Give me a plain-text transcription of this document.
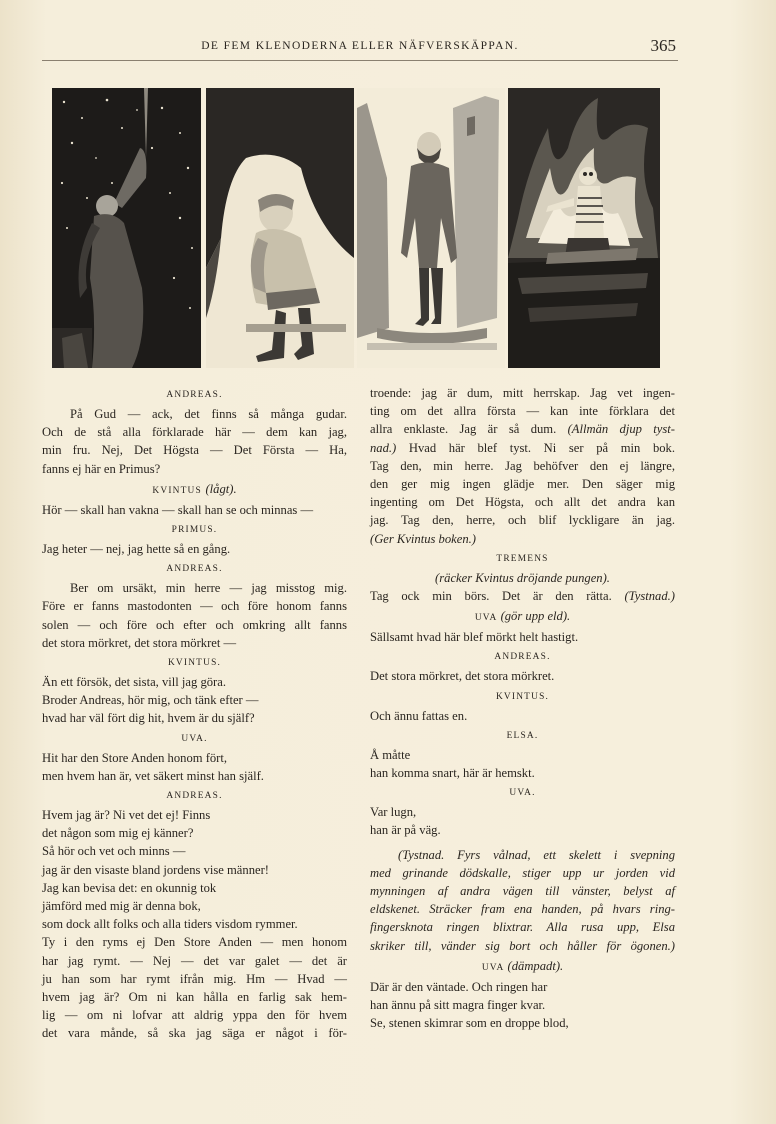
DE FEM KLENODERNA ELLER NÄFVERSKÄPPAN.	365

ANDREAS.

På Gud — ack, det finns så många gudar.

Och de stå alla förklarade här — dem kan jag,

min fru. Nej, Det Högsta — Det Första — Ha,

fanns ej här en Primus?

KVINTUS (lågt).

Hör — skall han vakna — skall han se och minnas —

PRIMUS.

Jag heter — nej, jag hette så en gång.

ANDREAS.

Ber om ursäkt, min herre — jag misstog mig.

Före er fanns mastodonten — och före honom fanns

solen — och före och efter och omkring allt fanns

det stora mörkret, det stora mörkret —

KVINTUS.

Än ett försök, det sista, vill jag göra.

Broder Andreas, hör mig, och tänk efter —

hvad har väl fört dig hit, hvem är du själf?

UVA.

Hit har den Store Anden honom fört,

men hvem han är, vet säkert minst han själf.

ANDREAS.

Hvem jag är? Ni vet det ej! Finns

det någon som mig ej känner?

Så hör och vet och minns —

jag är den visaste bland jordens vise männer!

Jag kan bevisa det: en okunnig tok

jämförd med mig är denna bok,

som dock allt folks och alla tiders visdom rymmer.

Ty i den ryms ej Den Store Anden — men honom

har jag rymt. — Nej — det var galet — det är

ju han som har rymt ifrån mig. Hm — Hvad —

hvem jag är? Om ni kan hålla en farlig sak hem-

lig — om ni lofvar att aldrig yppa den för hvem

det vara månde, så ska jag säga er något i för-

troende: jag är dum, mitt herrskap. Jag vet ingen-

ting om det allra första — kan inte förklara det

allra enklaste. Jag är så dum. (Allmän djup tyst-

nad.) Hvad här blef tyst. Ni ser på min bok.

Tag den, min herre. Jag behöfver den ej längre,

den ger mig ingen glädje mer. Den säger mig

ingenting om Det Högsta, och allt det andra kan

jag. Tag den, herre, och blif lyckligare än jag.

(Ger Kvintus boken.)

TREMENS

(räcker Kvintus dröjande pungen).

Tag ock min börs. Det är den rätta. (Tystnad.)

UVA (gör upp eld).

Sällsamt hvad här blef mörkt helt hastigt.

ANDREAS.

Det stora mörkret, det stora mörkret.

KVINTUS.

Och ännu fattas en.

ELSA.

Å måtte

han komma snart, här är hemskt.

UVA.

Var lugn,

han är på väg.

(Tystnad. Fyrs vålnad, ett skelett i svepning

med grinande dödskalle, stiger upp ur jorden vid

mynningen af andra vägen till vänster, belyst af

eldskenet. Sträcker fram ena handen, på hvars ring-

fingersknota ringen blixtrar. Alla rusa upp, Elsa

skriker till, vänder sig bort och håller för ögonen.)

UVA (dämpadt).

Där är den väntade. Och ringen har

han ännu på sitt magra finger kvar.

Se, stenen skimrar som en droppe blod,
